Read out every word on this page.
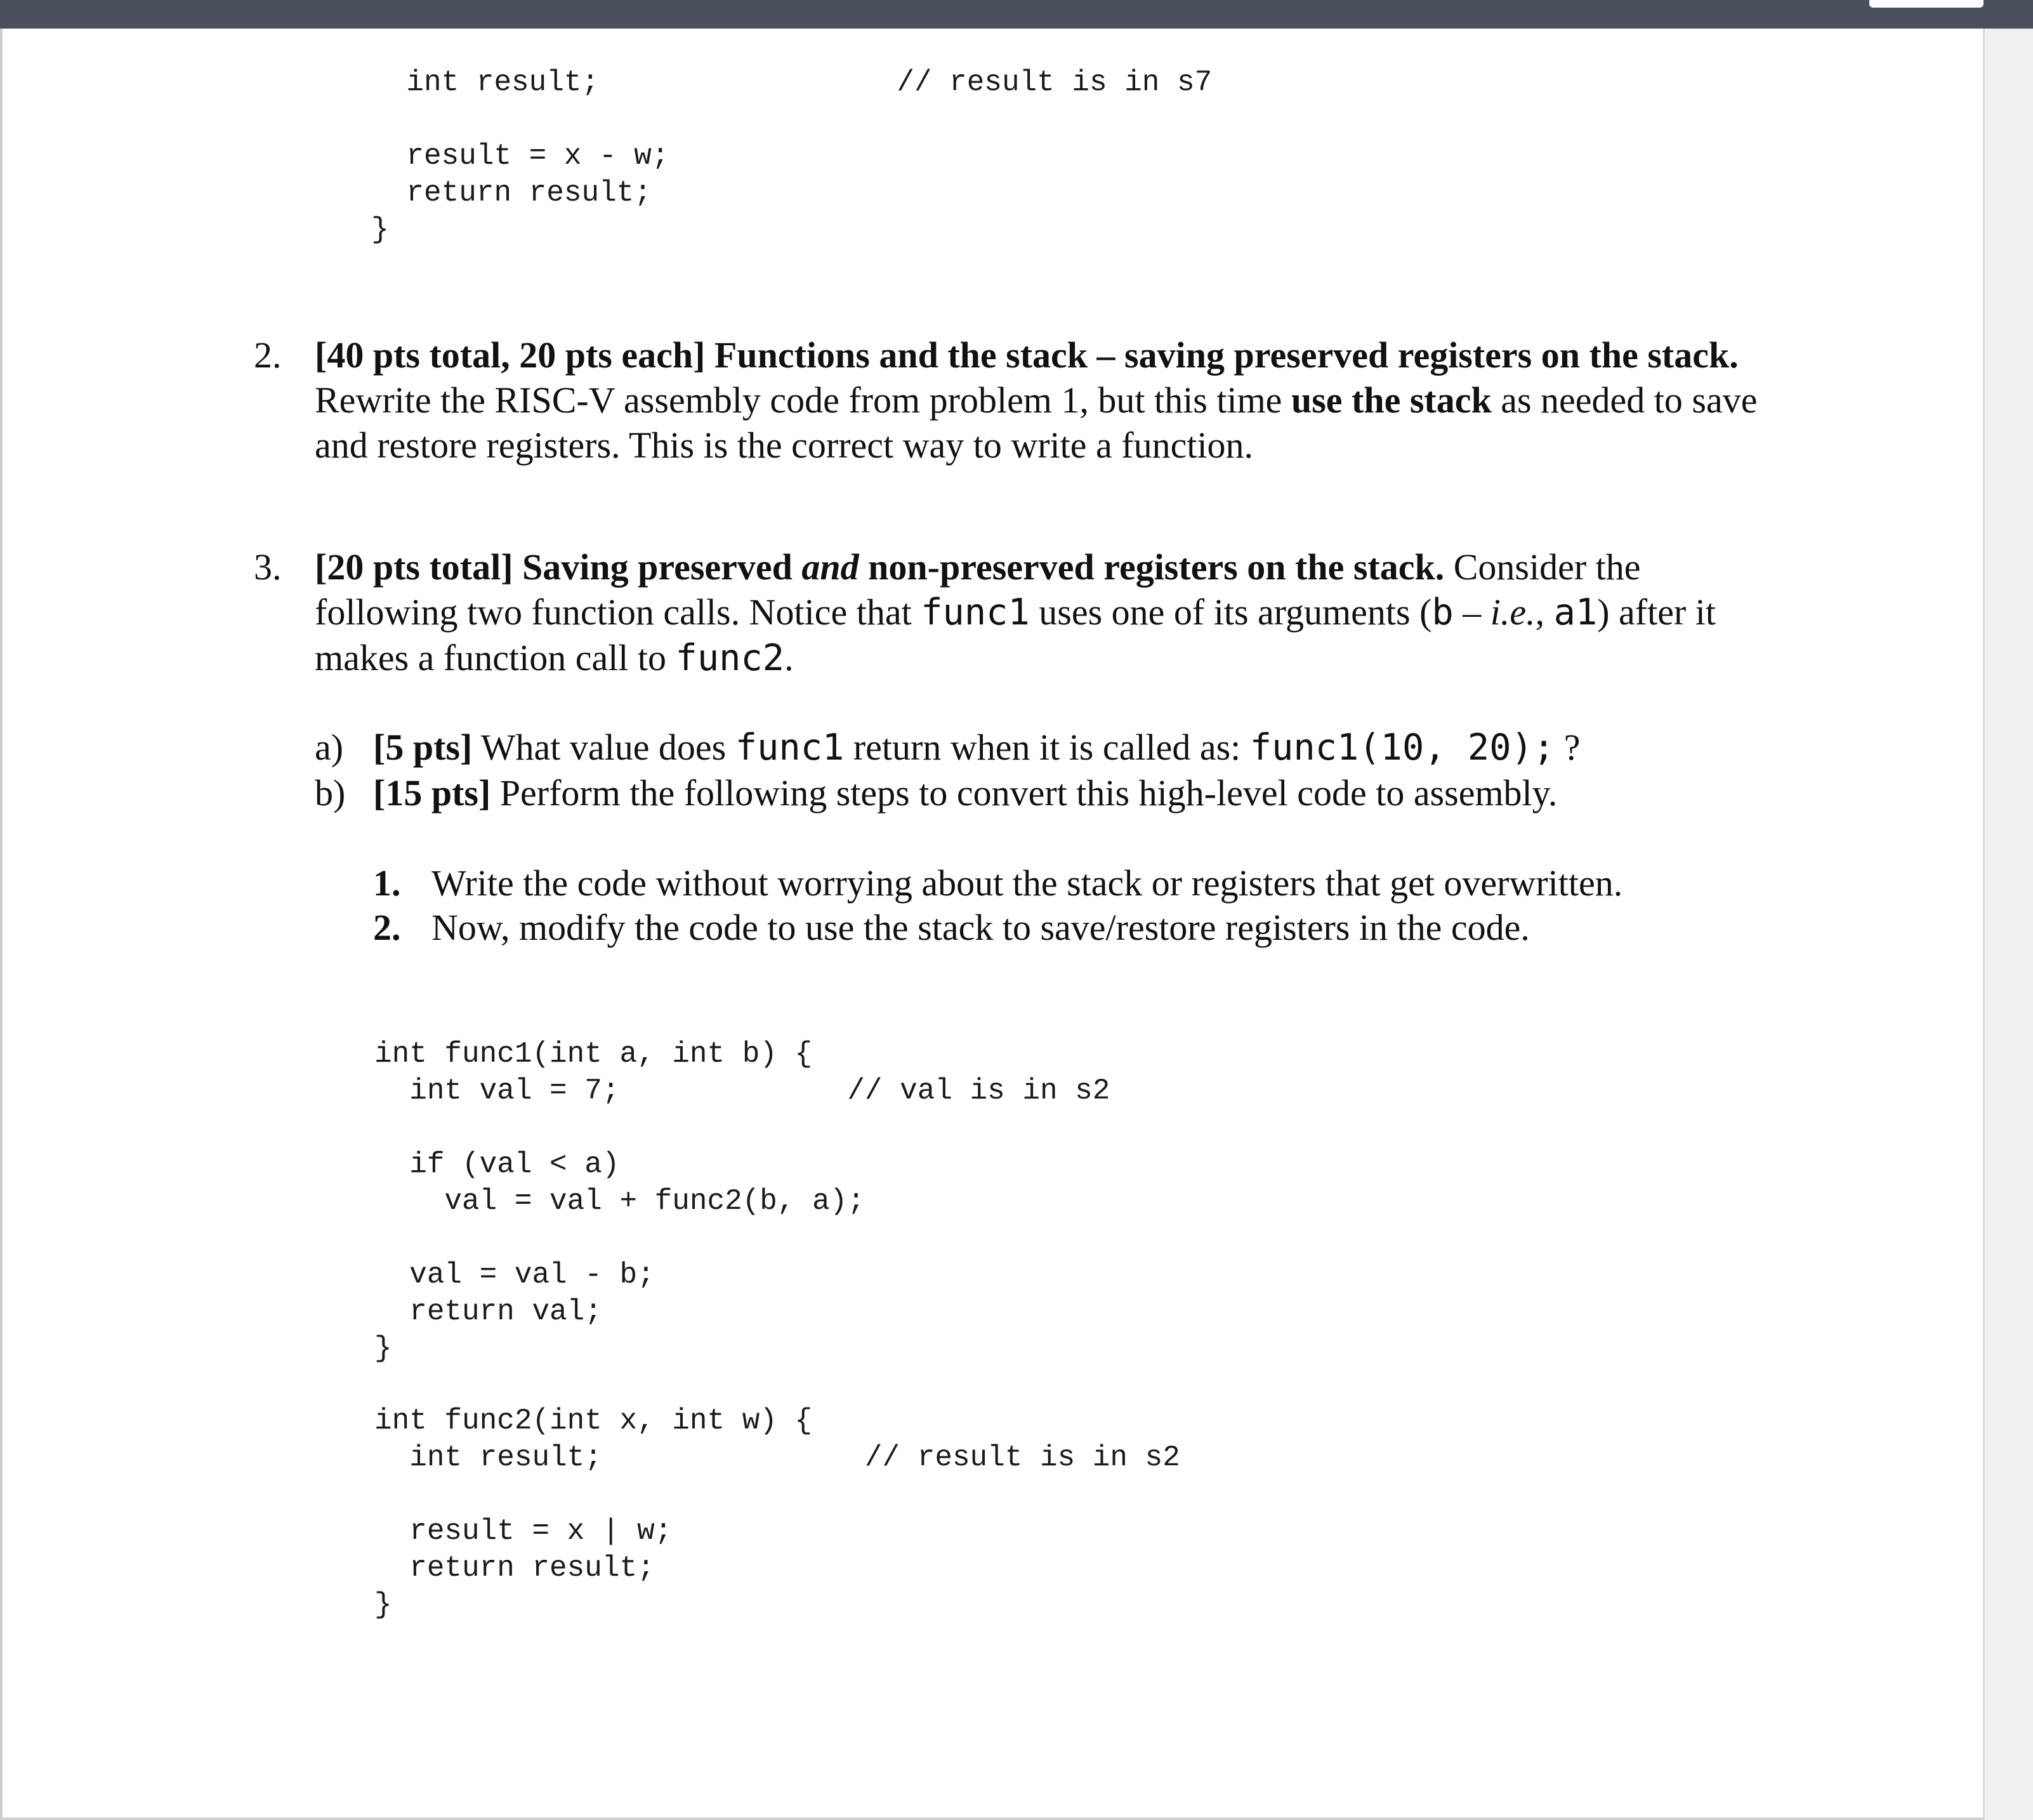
int result;                 // result is in s7

result = x - w;
return result;
}
2. [40 pts total, 20 pts each] Functions and the stack – saving preserved registers on the stack. Rewrite the RISC-V assembly code from problem 1, but this time use the stack as needed to save and restore registers. This is the correct way to write a function.
3. [20 pts total] Saving preserved and non-preserved registers on the stack. Consider the following two function calls. Notice that func1 uses one of its arguments (b – i.e., a1) after it makes a function call to func2.
a) [5 pts] What value does func1 return when it is called as: func1(10, 20); ?
b) [15 pts] Perform the following steps to convert this high-level code to assembly.
1. Write the code without worrying about the stack or registers that get overwritten.
2. Now, modify the code to use the stack to save/restore registers in the code.
int func1(int a, int b) {
int val = 7;             // val is in s2

if (val < a)
val = val + func2(b, a);

val = val - b;
return val;
}
int func2(int x, int w) {
int result;               // result is in s2

result = x | w;
return result;
}
